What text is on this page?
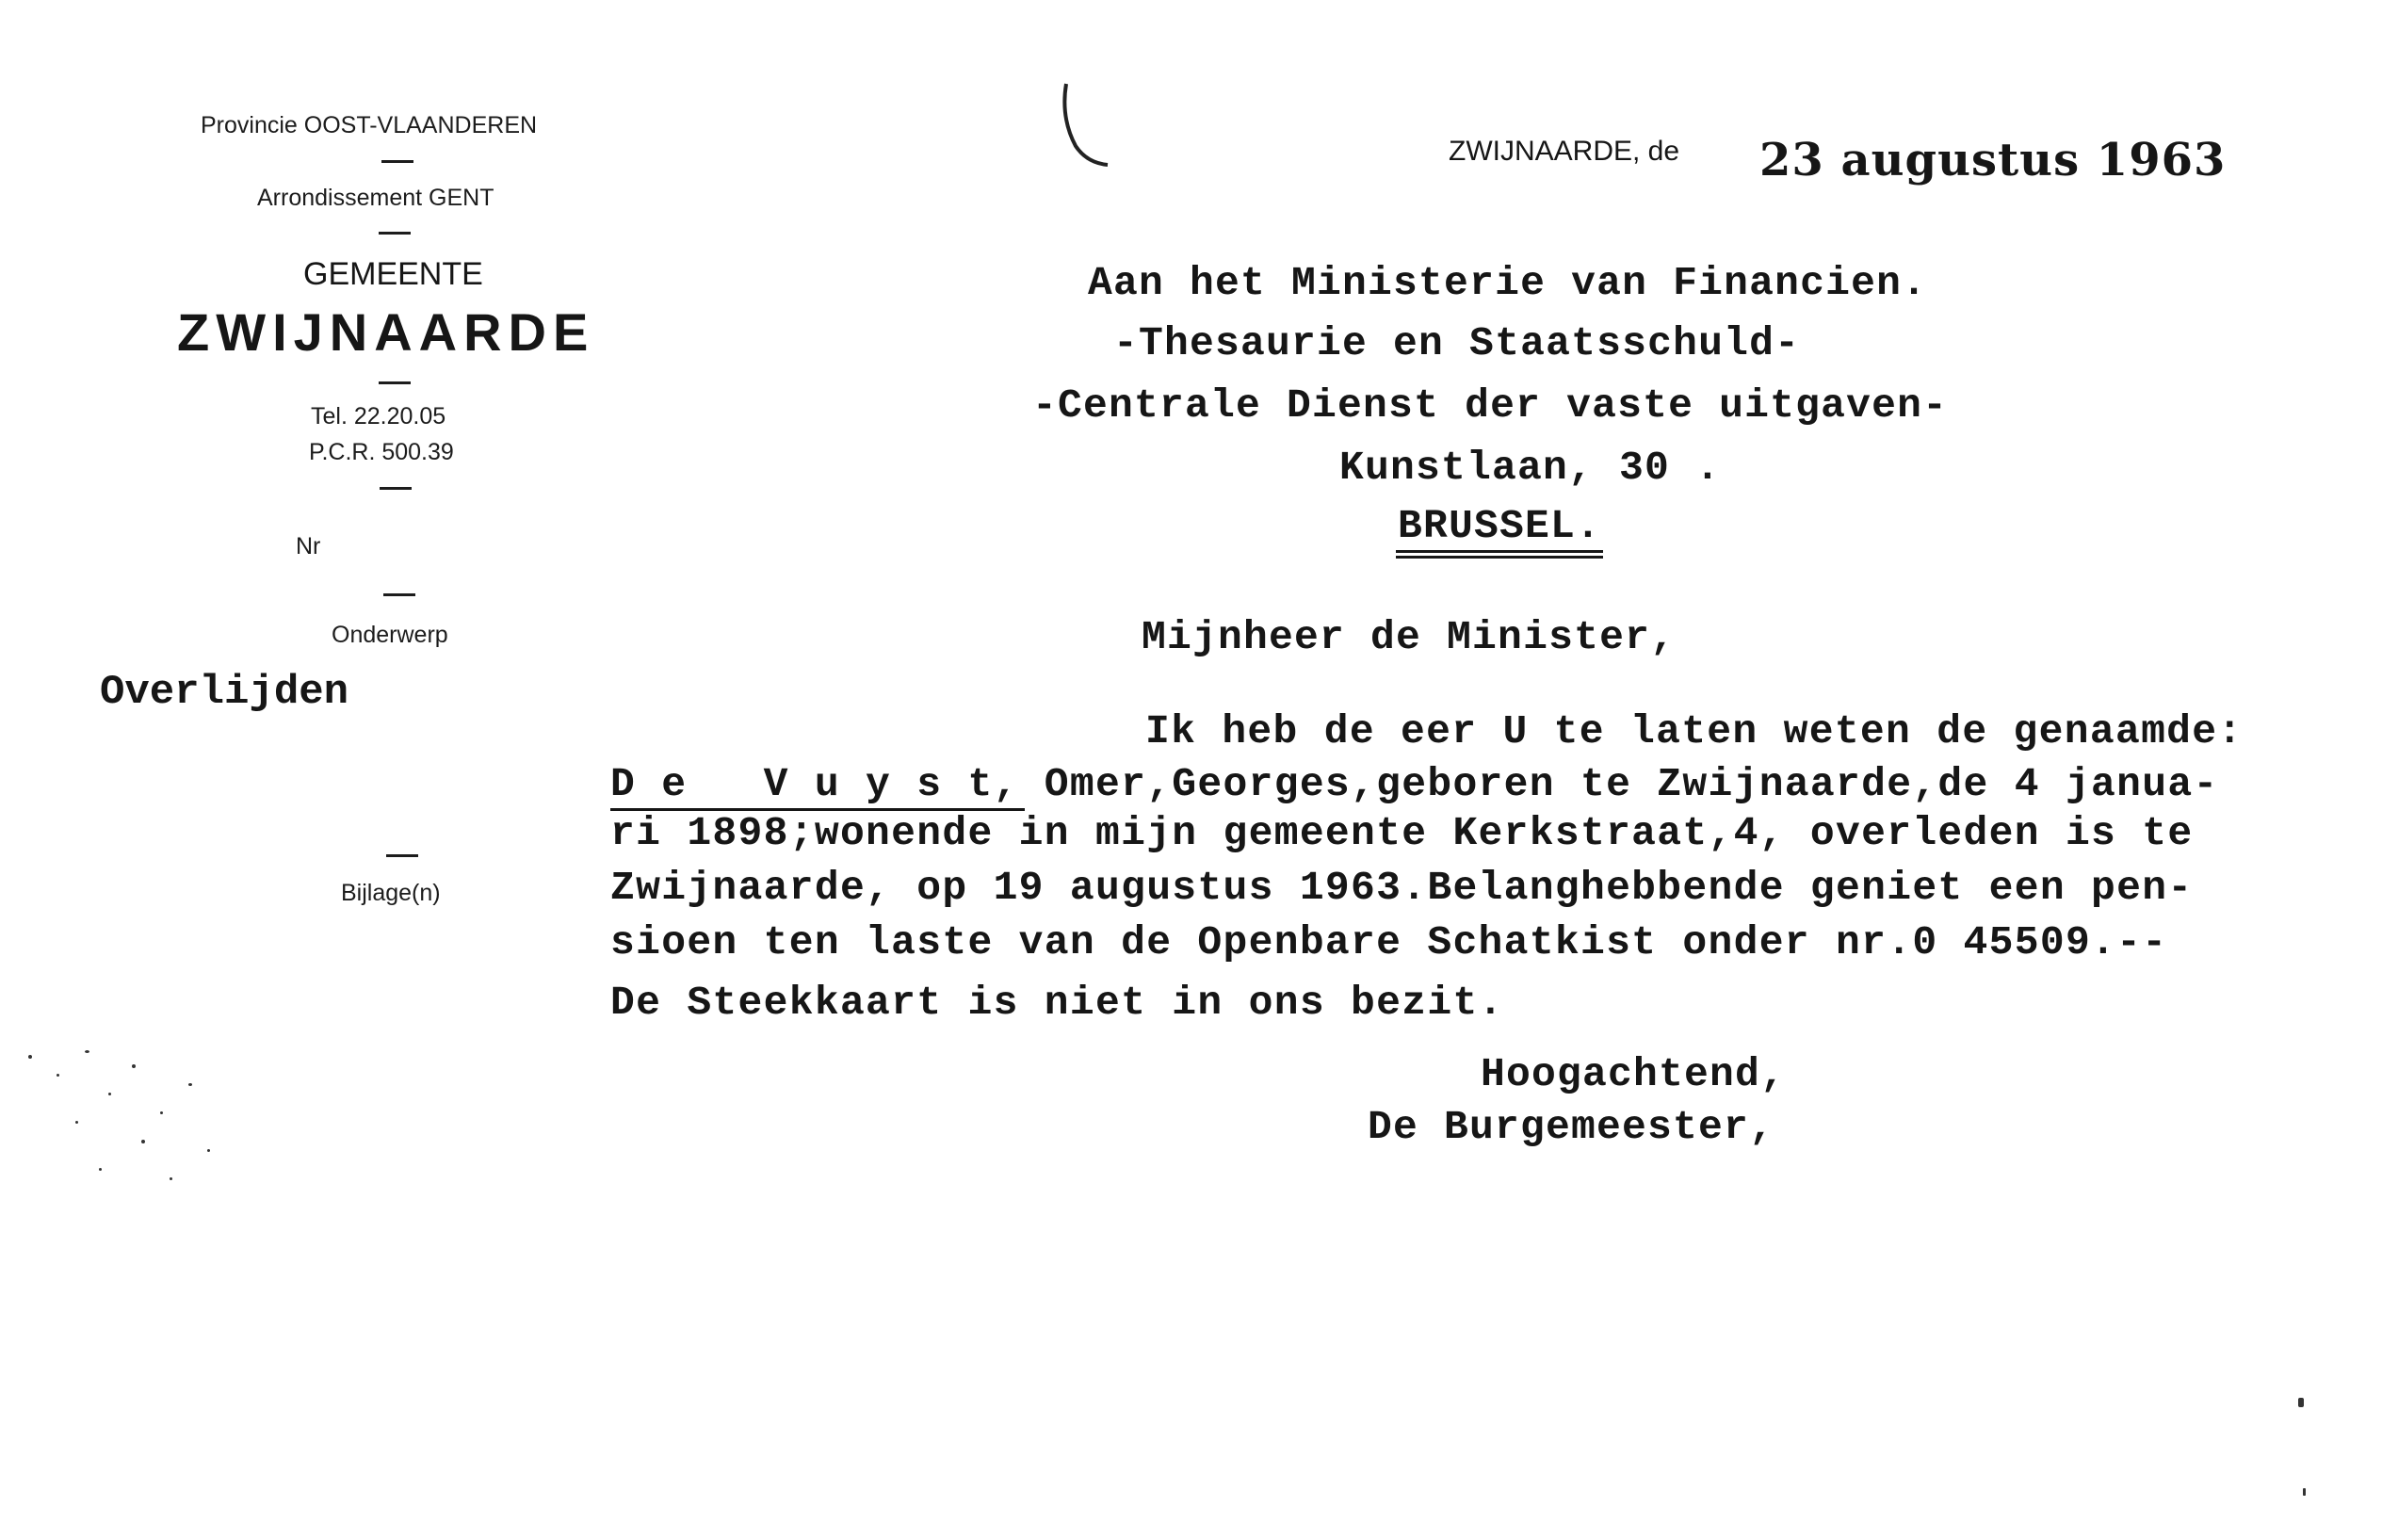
Provincie OOST-VLAANDEREN
Arrondissement GENT
GEMEENTE
ZWIJNAARDE
Tel. 22.20.05
P.C.R. 500.39
Nr
Onderwerp
Overlijden
Bijlage(n)
ZWIJNAARDE, de 23 augustus 1963
Aan het Ministerie van Financien.
-Thesaurie en Staatsschuld-
-Centrale Dienst der vaste uitgaven-
Kunstlaan, 30 .
BRUSSEL.
Mijnheer de Minister,
Ik heb de eer U te laten weten de genaamde:
D e   V u y s t, Omer,Georges,geboren te Zwijnaarde,de 4 janua-
ri 1898;wonende in mijn gemeente Kerkstraat,4, overleden is te
Zwijnaarde, op 19 augustus 1963.Belanghebbende geniet een pen-
sioen ten laste van de Openbare Schatkist onder nr.0 45509.--
De Steekkaart is niet in ons bezit.
Hoogachtend,
De Burgemeester,
